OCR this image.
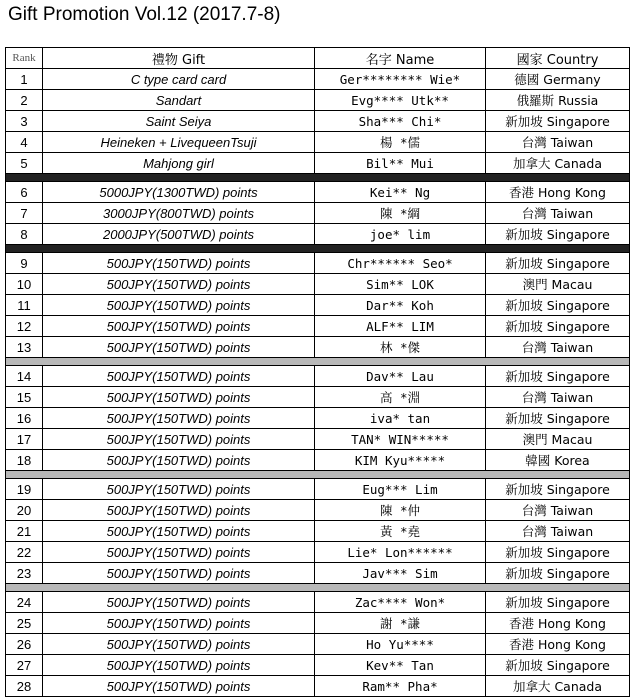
Gift Promotion Vol.12 (2017.7-8)
Rank	禮物 Gift	名字 Name	國家 Country
1	C type card card	Ger******** Wie*	德國 Germany
2	Sandart	Evg**** Utk**	俄羅斯 Russia
3	Saint Seiya	Sha*** Chi*	新加坡 Singapore
4	Heineken + LivequeenTsuji	楊 *儒	台灣 Taiwan
5	Mahjong girl	Bil** Mui	加拿大 Canada

6	5000JPY(1300TWD) points	Kei** Ng	香港 Hong Kong
7	3000JPY(800TWD) points	陳 *綱	台灣 Taiwan
8	2000JPY(500TWD) points	joe* lim	新加坡 Singapore

9	500JPY(150TWD) points	Chr****** Seo*	新加坡 Singapore
10	500JPY(150TWD) points	Sim** LOK	澳門 Macau
11	500JPY(150TWD) points	Dar** Koh	新加坡 Singapore
12	500JPY(150TWD) points	ALF** LIM	新加坡 Singapore
13	500JPY(150TWD) points	林 *傑	台灣 Taiwan

14	500JPY(150TWD) points	Dav** Lau	新加坡 Singapore
15	500JPY(150TWD) points	高 *淵	台灣 Taiwan
16	500JPY(150TWD) points	iva* tan	新加坡 Singapore
17	500JPY(150TWD) points	TAN* WIN*****	澳門 Macau
18	500JPY(150TWD) points	KIM Kyu*****	韓國 Korea

19	500JPY(150TWD) points	Eug*** Lim	新加坡 Singapore
20	500JPY(150TWD) points	陳 *仲	台灣 Taiwan
21	500JPY(150TWD) points	黃 *堯	台灣 Taiwan
22	500JPY(150TWD) points	Lie* Lon******	新加坡 Singapore
23	500JPY(150TWD) points	Jav*** Sim	新加坡 Singapore

24	500JPY(150TWD) points	Zac**** Won*	新加坡 Singapore
25	500JPY(150TWD) points	謝 *謙	香港 Hong Kong
26	500JPY(150TWD) points	Ho Yu****	香港 Hong Kong
27	500JPY(150TWD) points	Kev** Tan	新加坡 Singapore
28	500JPY(150TWD) points	Ram** Pha*	加拿大 Canada
